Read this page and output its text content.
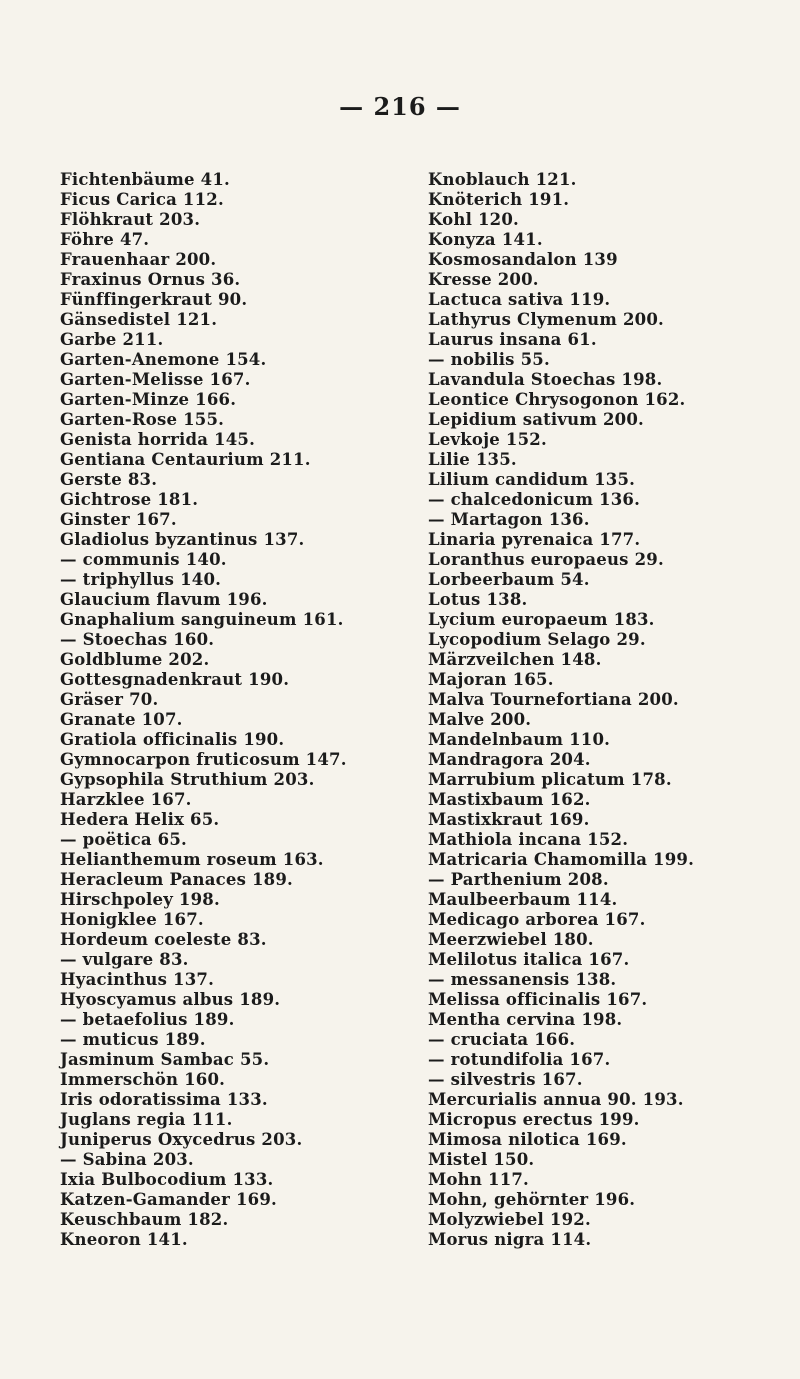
— 216 —
Fichtenbäume 41.
Ficus Carica 112.
Flöhkraut 203.
Föhre 47.
Frauenhaar 200.
Fraxinus Ornus 36.
Fünffingerkraut 90.
Gänsedistel 121.
Garbe 211.
Garten-Anemone 154.
Garten-Melisse 167.
Garten-Minze 166.
Garten-Rose 155.
Genista horrida 145.
Gentiana Centaurium 211.
Gerste 83.
Gichtrose 181.
Ginster 167.
Gladiolus byzantinus 137.
— communis 140.
— triphyllus 140.
Glaucium flavum 196.
Gnaphalium sanguineum 161.
— Stoechas 160.
Goldblume 202.
Gottesgnadenkraut 190.
Gräser 70.
Granate 107.
Gratiola officinalis 190.
Gymnocarpon fruticosum 147.
Gypsophila Struthium 203.
Harzklee 167.
Hedera Helix 65.
— poëtica 65.
Helianthemum roseum 163.
Heracleum Panaces 189.
Hirschpoley 198.
Honigklee 167.
Hordeum coeleste 83.
— vulgare 83.
Hyacinthus 137.
Hyoscyamus albus 189.
— betaefolius 189.
— muticus 189.
Jasminum Sambac 55.
Immerschön 160.
Iris odoratissima 133.
Juglans regia 111.
Juniperus Oxycedrus 203.
— Sabina 203.
Ixia Bulbocodium 133.
Katzen-Gamander 169.
Keuschbaum 182.
Kneoron 141.
Knoblauch 121.
Knöterich 191.
Kohl 120.
Konyza 141.
Kosmosandalon 139
Kresse 200.
Lactuca sativa 119.
Lathyrus Clymenum 200.
Laurus insana 61.
— nobilis 55.
Lavandula Stoechas 198.
Leontice Chrysogonon 162.
Lepidium sativum 200.
Levkoje 152.
Lilie 135.
Lilium candidum 135.
— chalcedonicum 136.
— Martagon 136.
Linaria pyrenaica 177.
Loranthus europaeus 29.
Lorbeerbaum 54.
Lotus 138.
Lycium europaeum 183.
Lycopodium Selago 29.
Märzveilchen 148.
Majoran 165.
Malva Tournefortiana 200.
Malve 200.
Mandelnbaum 110.
Mandragora 204.
Marrubium plicatum 178.
Mastixbaum 162.
Mastixkraut 169.
Mathiola incana 152.
Matricaria Chamomilla 199.
— Parthenium 208.
Maulbeerbaum 114.
Medicago arborea 167.
Meerzwiebel 180.
Melilotus italica 167.
— messanensis 138.
Melissa officinalis 167.
Mentha cervina 198.
— cruciata 166.
— rotundifolia 167.
— silvestris 167.
Mercurialis annua 90. 193.
Micropus erectus 199.
Mimosa nilotica 169.
Mistel 150.
Mohn 117.
Mohn, gehörnter 196.
Molyzwiebel 192.
Morus nigra 114.
